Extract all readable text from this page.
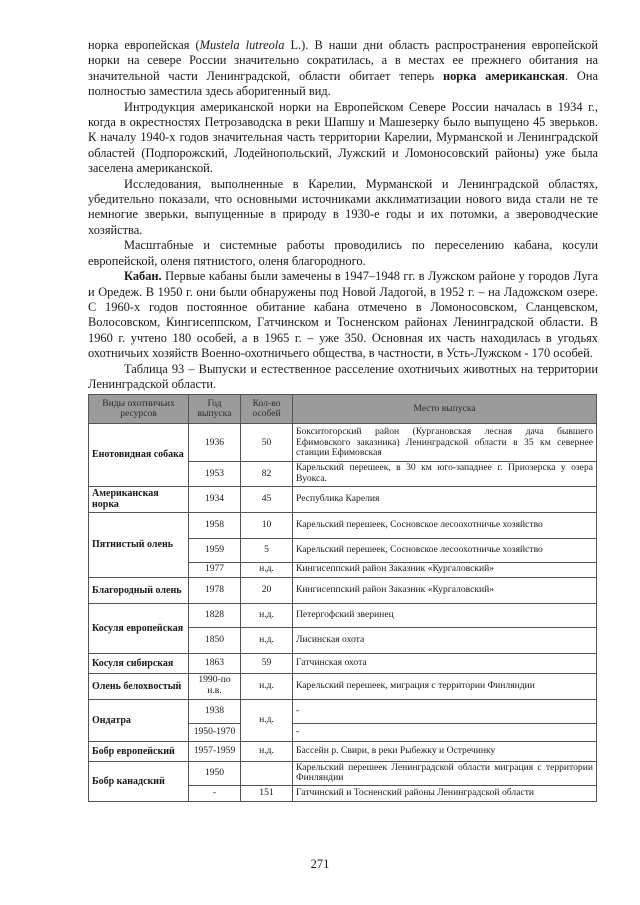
норка европейская (Mustela lutreola L.). В наши дни область распространения европейской норки на севере России значительно сократилась, а в местах ее прежнего обитания на значительной части Ленинградской, области обитает теперь норка американская. Она полностью заместила здесь аборигенный вид.

Интродукция американской норки на Европейском Севере России началась в 1934 г., когда в окрестностях Петрозаводска в реки Шапшу и Машезерку было выпущено 45 зверьков. К началу 1940-х годов значительная часть территории Карелии, Мурманской и Ленинградской областей (Подпорожский, Лодейнопольский, Лужский и Ломоносовский районы) уже была заселена американской.

Исследования, выполненные в Карелии, Мурманской и Ленинградской областях, убедительно показали, что основными источниками акклиматизации нового вида стали не те немногие зверьки, выпущенные в природу в 1930-е годы и их потомки, а звероводческие хозяйства.

Масштабные и системные работы проводились по переселению кабана, косули европейской, оленя пятнистого, оленя благородного.

Кабан. Первые кабаны были замечены в 1947–1948 гг. в Лужском районе у городов Луга и Оредеж. В 1950 г. они были обнаружены под Новой Ладогой, в 1952 г. – на Ладожском озере. С 1960-х годов постоянное обитание кабана отмечено в Ломоносовском, Сланцевском, Волосовском, Кингисеппском, Гатчинском и Тосненском районах Ленинградской области. В 1960 г. учтено 180 особей, а в 1965 г. – уже 350. Основная их часть находилась в угодьях охотничьих хозяйств Военно-охотничьего общества, в частности, в Усть-Лужском - 170 особей.

Таблица 93 – Выпуски и естественное расселение охотничьих животных на территории Ленинградской области.

Виды охотничьих ресурсов	Год выпуска	Кол-во особей	Место выпуска
Енотовидная собака	1936	50	Бокситогорский район (Кургановская лесная дача бывшего Ефимовского заказника) Ленинградской области в 35 км севернее станции Ефимовская
	1953	82	Карельский перешеек, в 30 км юго-западнее г. Приозерска у озера Вуокса.
Американская норка	1934	45	Республика Карелия
Пятнистый олень	1958	10	Карельский перешеек, Сосновское лесоохотничье хозяйство
	1959	5	Карельский перешеек, Сосновское лесоохотничье хозяйство
	1977	н.д.	Кингисеппский район Заказник «Кургаловский»
Благородный олень	1978	20	Кингисеппский район Заказник «Кургаловский»
Косуля европейская	1828	н.д.	Петергофский зверинец
	1850	н.д.	Лисинская охота
Косуля сибирская	1863	59	Гатчинская охота
Олень белохвостый	1990-по н.в.	н.д.	Карельский перешеек, миграция с территории Финляндии
Ондатра	1938	н.д.	-
	1950-1970		-
Бобр европейский	1957-1959	н.д.	Бассейн р. Свири, в реки Рыбежку и Остречинку
Бобр канадский	1950		Карельский перешеек Ленинградской области миграция с территории Финляндии
	-	151	Гатчинский и Тосненский районы Ленинградской области
271
